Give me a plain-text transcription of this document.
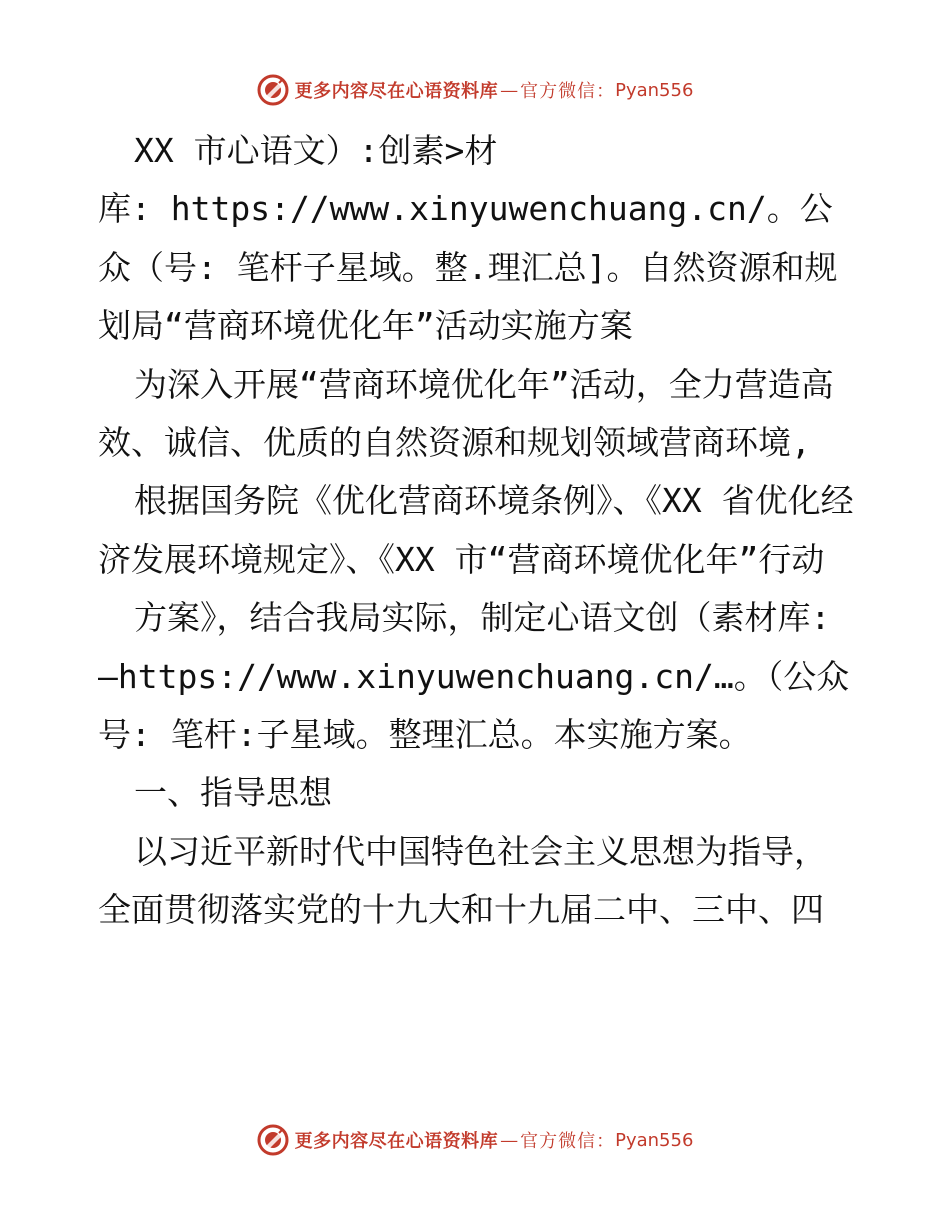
更多内容尽在心语资料库 — 官方微信： Pyan556

XX 市心语文）:创素>材

库: https://www.xinyuwenchuang.cn/。公众（号: 笔杆子星域。整.理汇总]。自然资源和规划局“营商环境优化年”活动实施方案

为深入开展“营商环境优化年”活动，全力营造高效、诚信、优质的自然资源和规划领域营商环境,

根据国务院《优化营商环境条例》、《XX 省优化经济发展环境规定》、《XX 市“营商环境优化年”行动

方案》，结合我局实际，制定心语文创（素材库: —https://www.xinyuwenchuang.cn/…。（公众号: 笔杆:子星域。整理汇总。本实施方案。

一、指导思想

以习近平新时代中国特色社会主义思想为指导，全面贯彻落实党的十九大和十九届二中、三中、四

更多内容尽在心语资料库 — 官方微信： Pyan556
